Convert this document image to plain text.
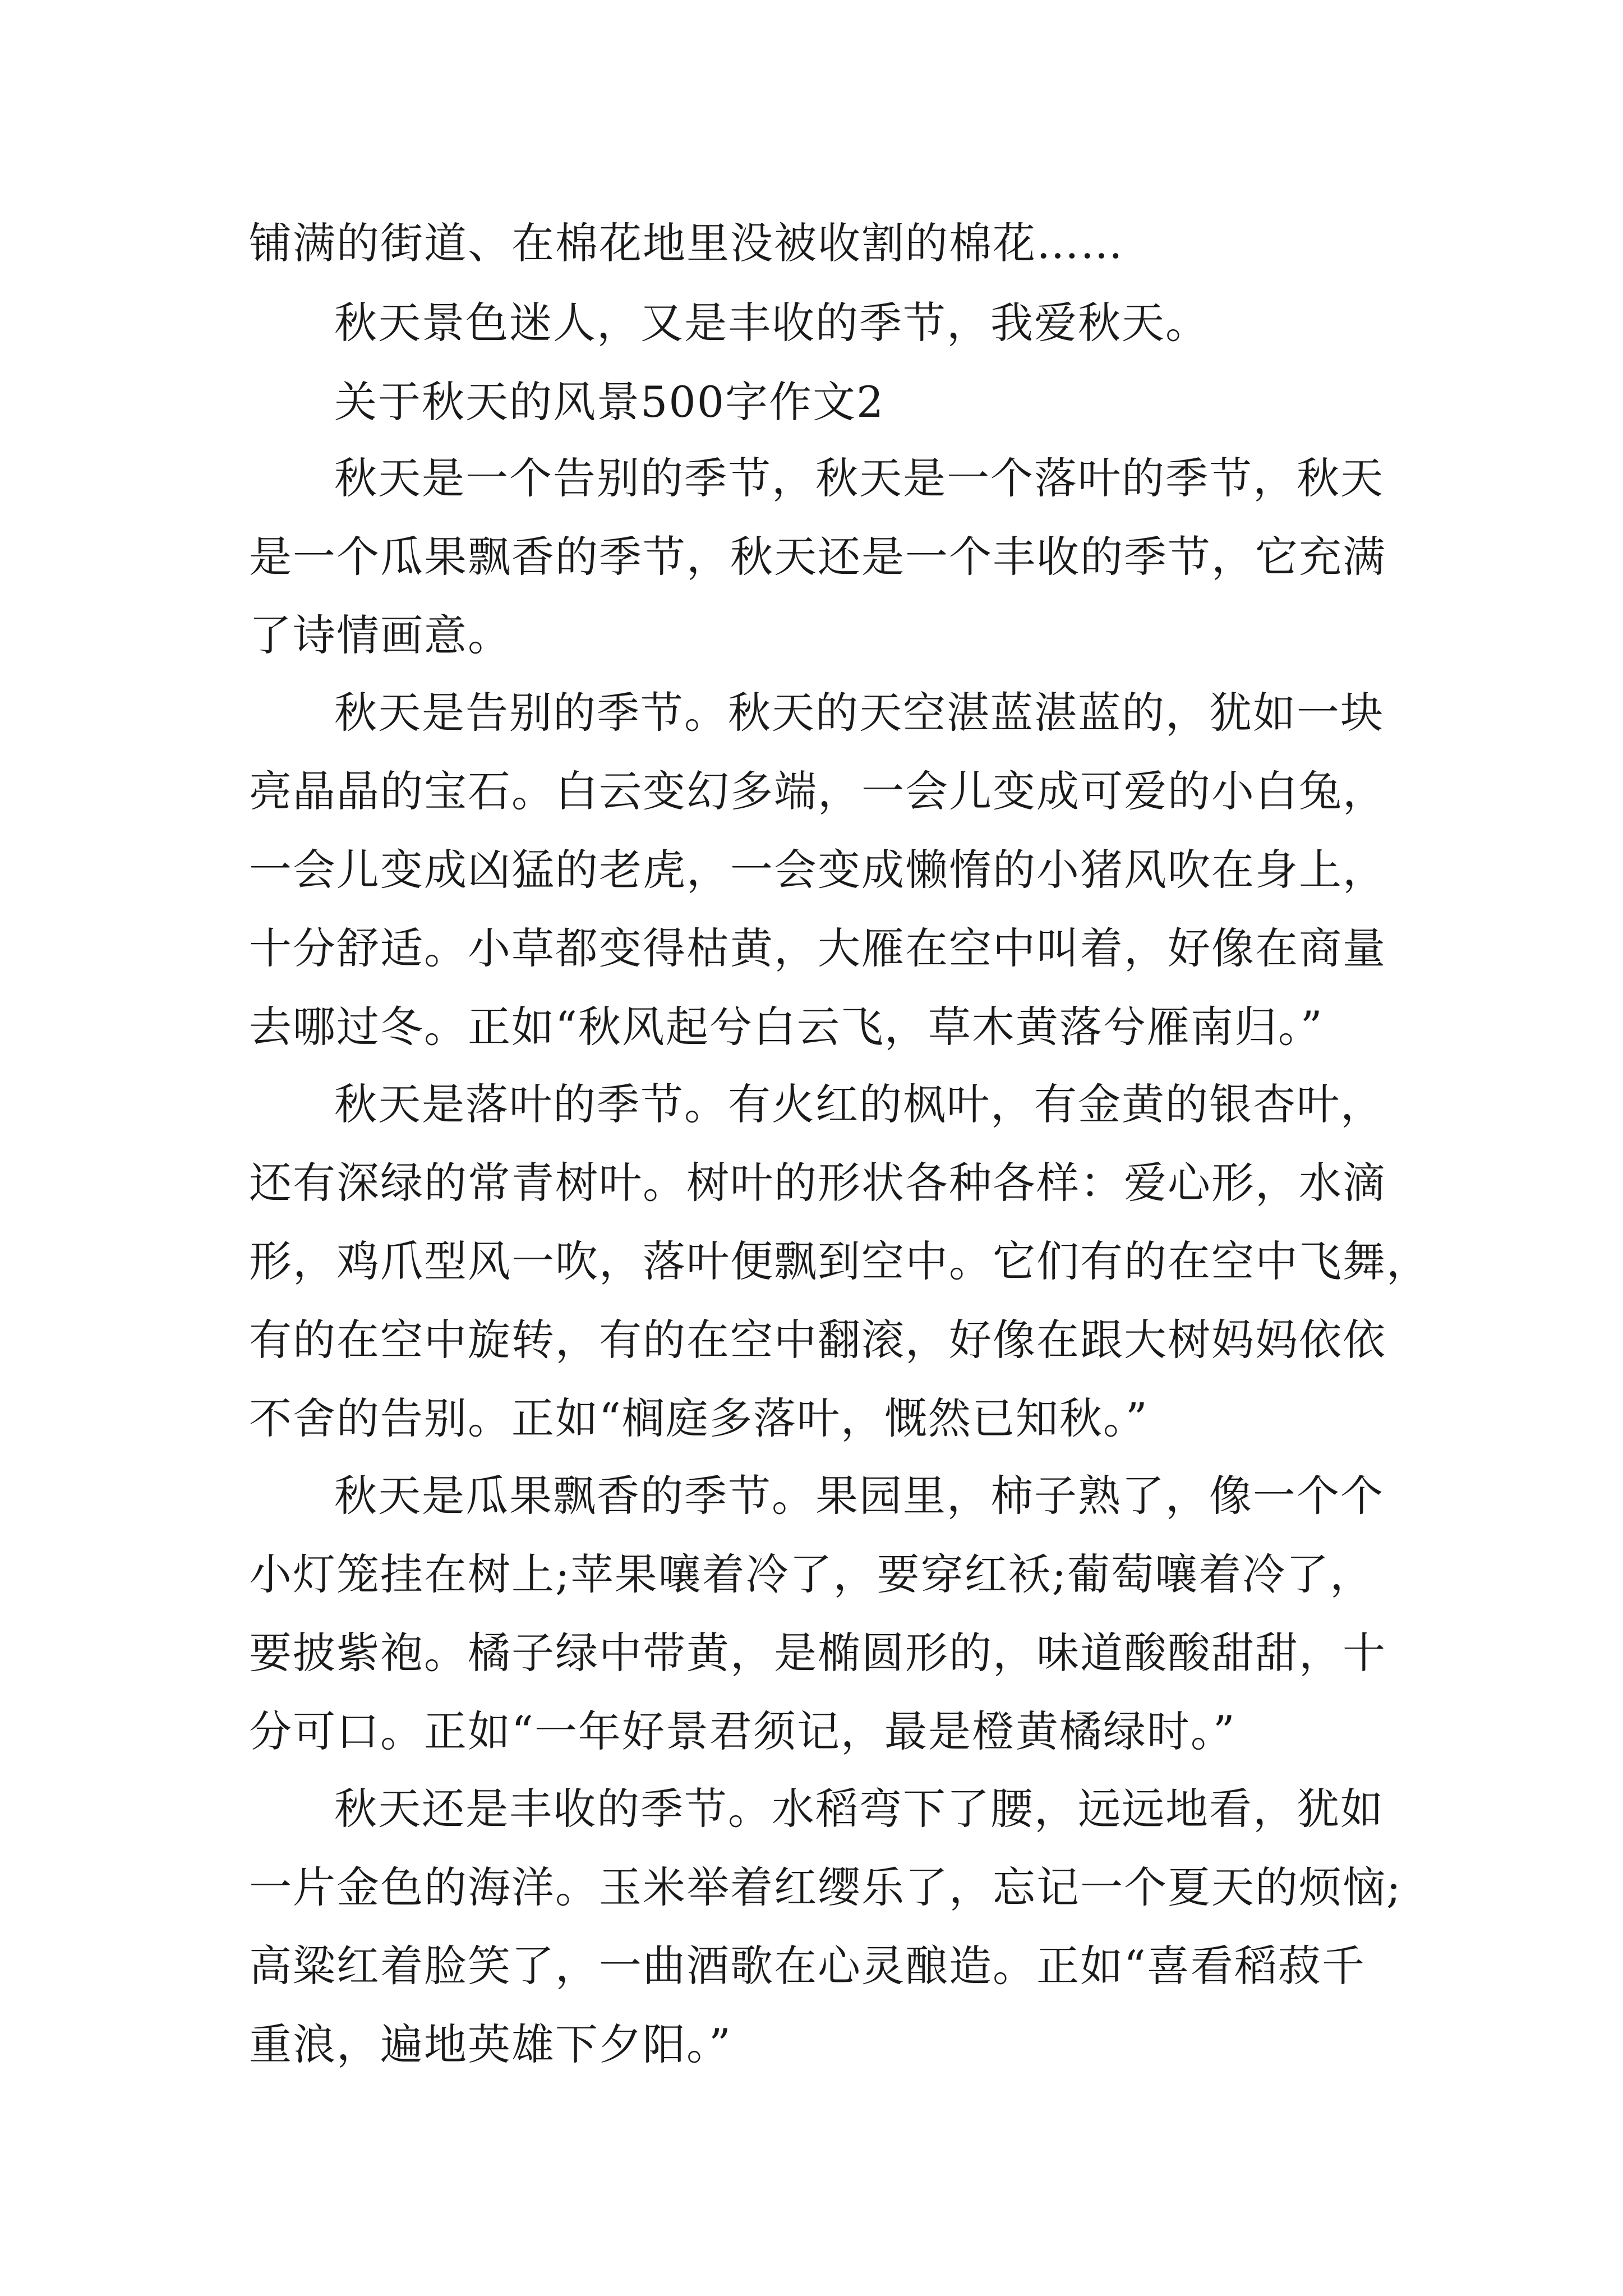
铺满的街道、在棉花地里没被收割的棉花……

秋天景色迷人，又是丰收的季节，我爱秋天。

关于秋天的风景500字作文2

秋天是一个告别的季节，秋天是一个落叶的季节，秋天

是一个瓜果飘香的季节，秋天还是一个丰收的季节，它充满

了诗情画意。

秋天是告别的季节。秋天的天空湛蓝湛蓝的，犹如一块

亮晶晶的宝石。白云变幻多端，一会儿变成可爱的小白兔，

一会儿变成凶猛的老虎，一会变成懒惰的小猪风吹在身上，

十分舒适。小草都变得枯黄，大雁在空中叫着，好像在商量

去哪过冬。正如“秋风起兮白云飞，草木黄落兮雁南归。”

秋天是落叶的季节。有火红的枫叶，有金黄的银杏叶，

还有深绿的常青树叶。树叶的形状各种各样：爱心形，水滴

形，鸡爪型风一吹，落叶便飘到空中。它们有的在空中飞舞，

有的在空中旋转，有的在空中翻滚，好像在跟大树妈妈依依

不舍的告别。正如“榈庭多落叶，慨然已知秋。”

秋天是瓜果飘香的季节。果园里，柿子熟了，像一个个

小灯笼挂在树上;苹果嚷着冷了，要穿红袄;葡萄嚷着冷了，

要披紫袍。橘子绿中带黄，是椭圆形的，味道酸酸甜甜，十

分可口。正如“一年好景君须记，最是橙黄橘绿时。”

秋天还是丰收的季节。水稻弯下了腰，远远地看，犹如

一片金色的海洋。玉米举着红缨乐了，忘记一个夏天的烦恼;

高粱红着脸笑了，一曲酒歌在心灵酿造。正如“喜看稻菽千

重浪，遍地英雄下夕阳。”
